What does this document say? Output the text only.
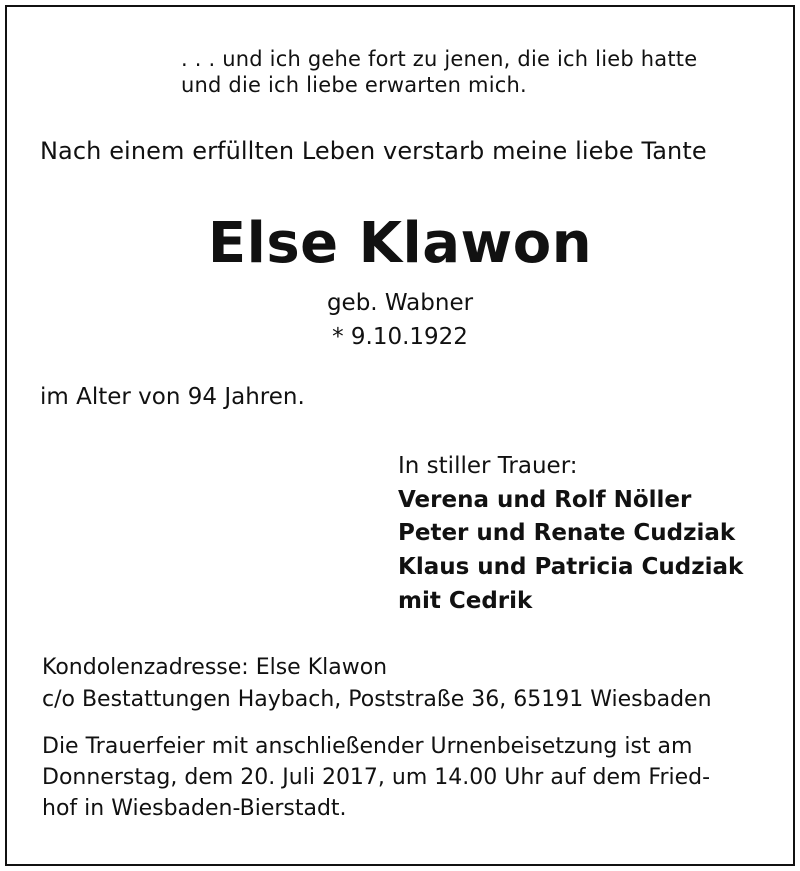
. . . und ich gehe fort zu jenen, die ich lieb hatte
und die ich liebe erwarten mich.
Nach einem erfüllten Leben verstarb meine liebe Tante
Else Klawon
geb. Wabner
* 9.10.1922
im Alter von 94 Jahren.
In stiller Trauer:
Verena und Rolf Nöller
Peter und Renate Cudziak
Klaus und Patricia Cudziak
mit Cedrik
Kondolenzadresse: Else Klawon
c/o Bestattungen Haybach, Poststraße 36, 65191 Wiesbaden
Die Trauerfeier mit anschließender Urnenbeisetzung ist am
Donnerstag, dem 20. Juli 2017, um 14.00 Uhr auf dem Fried-
hof in Wiesbaden-Bierstadt.
